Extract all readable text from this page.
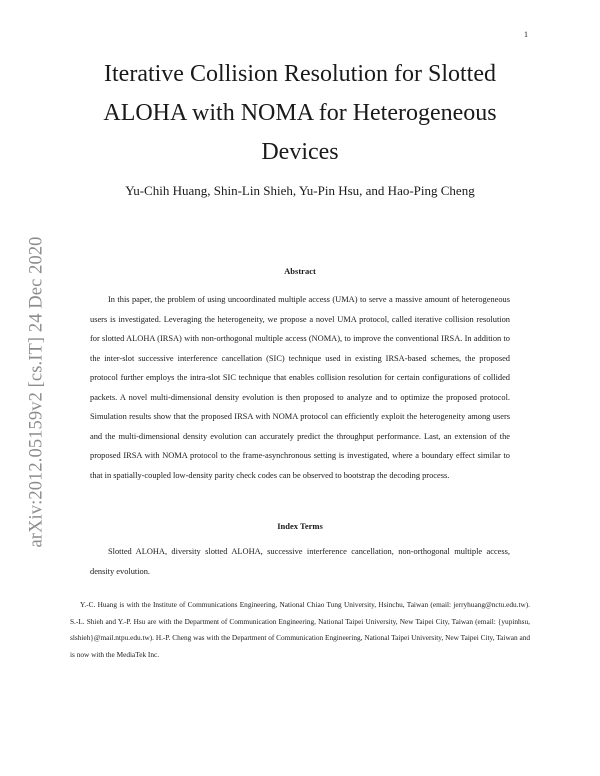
1
arXiv:2012.05159v2 [cs.IT] 24 Dec 2020
Iterative Collision Resolution for Slotted ALOHA with NOMA for Heterogeneous Devices
Yu-Chih Huang, Shin-Lin Shieh, Yu-Pin Hsu, and Hao-Ping Cheng
Abstract

In this paper, the problem of using uncoordinated multiple access (UMA) to serve a massive amount of heterogeneous users is investigated. Leveraging the heterogeneity, we propose a novel UMA protocol, called iterative collision resolution for slotted ALOHA (IRSA) with non-orthogonal multiple access (NOMA), to improve the conventional IRSA. In addition to the inter-slot successive interference cancellation (SIC) technique used in existing IRSA-based schemes, the proposed protocol further employs the intra-slot SIC technique that enables collision resolution for certain configurations of collided packets. A novel multi-dimensional density evolution is then proposed to analyze and to optimize the proposed protocol. Simulation results show that the proposed IRSA with NOMA protocol can efficiently exploit the heterogeneity among users and the multi-dimensional density evolution can accurately predict the throughput performance. Last, an extension of the proposed IRSA with NOMA protocol to the frame-asynchronous setting is investigated, where a boundary effect similar to that in spatially-coupled low-density parity check codes can be observed to bootstrap the decoding process.

Index Terms

Slotted ALOHA, diversity slotted ALOHA, successive interference cancellation, non-orthogonal multiple access, density evolution.

Y.-C. Huang is with the Institute of Communications Engineering, National Chiao Tung University, Hsinchu, Taiwan (email: jerryhuang@nctu.edu.tw). S.-L. Shieh and Y.-P. Hsu are with the Department of Communication Engineering, National Taipei University, New Taipei City, Taiwan (email: {yupinhsu, slshieh}@mail.ntpu.edu.tw). H.-P. Cheng was with the Department of Communication Engineering, National Taipei University, New Taipei City, Taiwan and is now with the MediaTek Inc.
